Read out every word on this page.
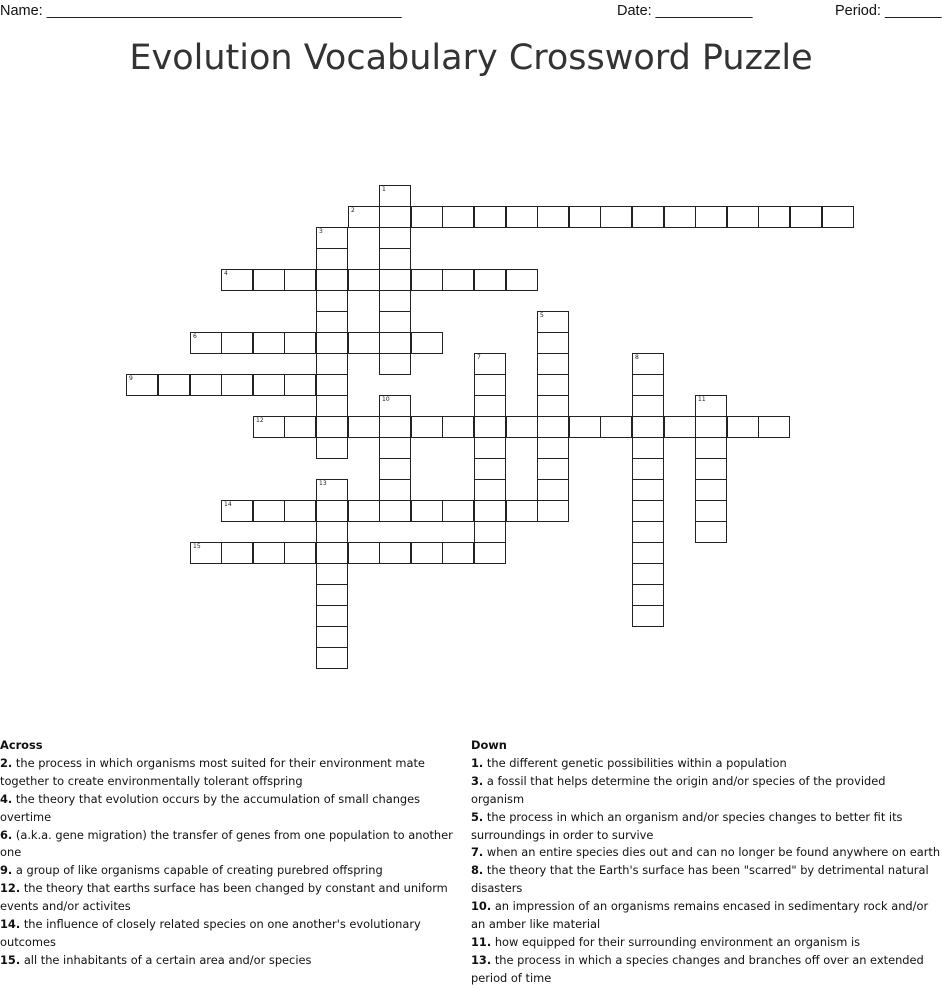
Name: ____________________________________________	Date: ____________	Period: _______
Evolution Vocabulary Crossword Puzzle
1
2
3
4
5
6
7	8
9
10	11
12
13
14
15
Across
2. the process in which organisms most suited for their environment mate together to create environmentally tolerant offspring
4. the theory that evolution occurs by the accumulation of small changes overtime
6. (a.k.a. gene migration) the transfer of genes from one population to another one
9. a group of like organisms capable of creating purebred offspring
12. the theory that earths surface has been changed by constant and uniform events and/or activites
14. the influence of closely related species on one another's evolutionary outcomes
15. all the inhabitants of a certain area and/or species
Down
1. the different genetic possibilities within a population
3. a fossil that helps determine the origin and/or species of the provided organism
5. the process in which an organism and/or species changes to better fit its surroundings in order to survive
7. when an entire species dies out and can no longer be found anywhere on earth
8. the theory that the Earth's surface has been "scarred" by detrimental natural disasters
10. an impression of an organisms remains encased in sedimentary rock and/or an amber like material
11. how equipped for their surrounding environment an organism is
13. the process in which a species changes and branches off over an extended period of time
